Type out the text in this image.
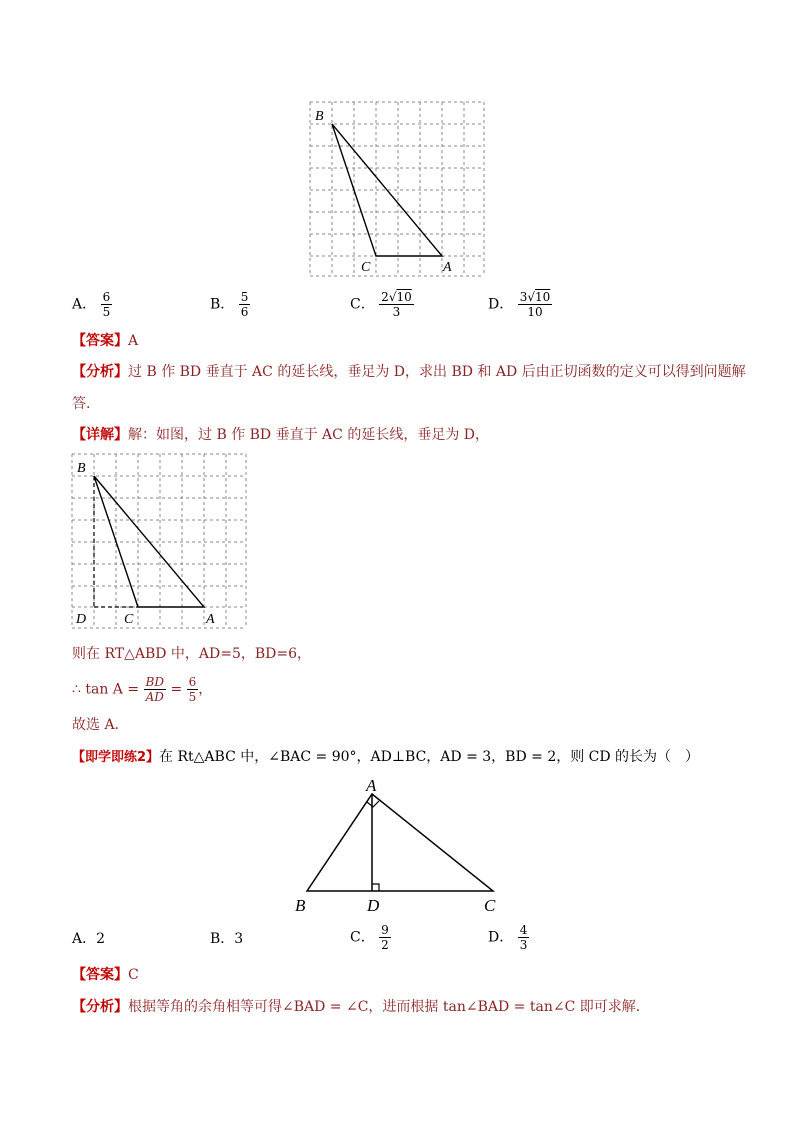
B
C	A
A． $\frac{6}{5}$	B． $\frac{5}{6}$	C． $\frac{2√10}{3}$	D． $\frac{3√10}{10}$
【答案】A
【分析】过 B 作 BD 垂直于 AC 的延长线，垂足为 D，求出 BD 和 AD 后由正切函数的定义可以得到问题解
答.
【详解】解：如图，过 B 作 BD 垂直于 AC 的延长线，垂足为 D，
B
D	C	A
则在 RT△ABD 中，AD=5，BD=6，
∴ $\tan A = \frac{BD}{AD} = \frac{6}{5}$ ，
故选 A．
【即学即练2】在 Rt△ABC 中，∠BAC = 90°，AD⊥BC，AD = 3，BD = 2，则 CD 的长为（　）
A
B	D	C
A．2	B．3	C． $\frac{9}{2}$	D． $\frac{4}{3}$
【答案】C
【分析】根据等角的余角相等可得∠BAD = ∠C，进而根据 tan∠BAD = tan∠C 即可求解．
